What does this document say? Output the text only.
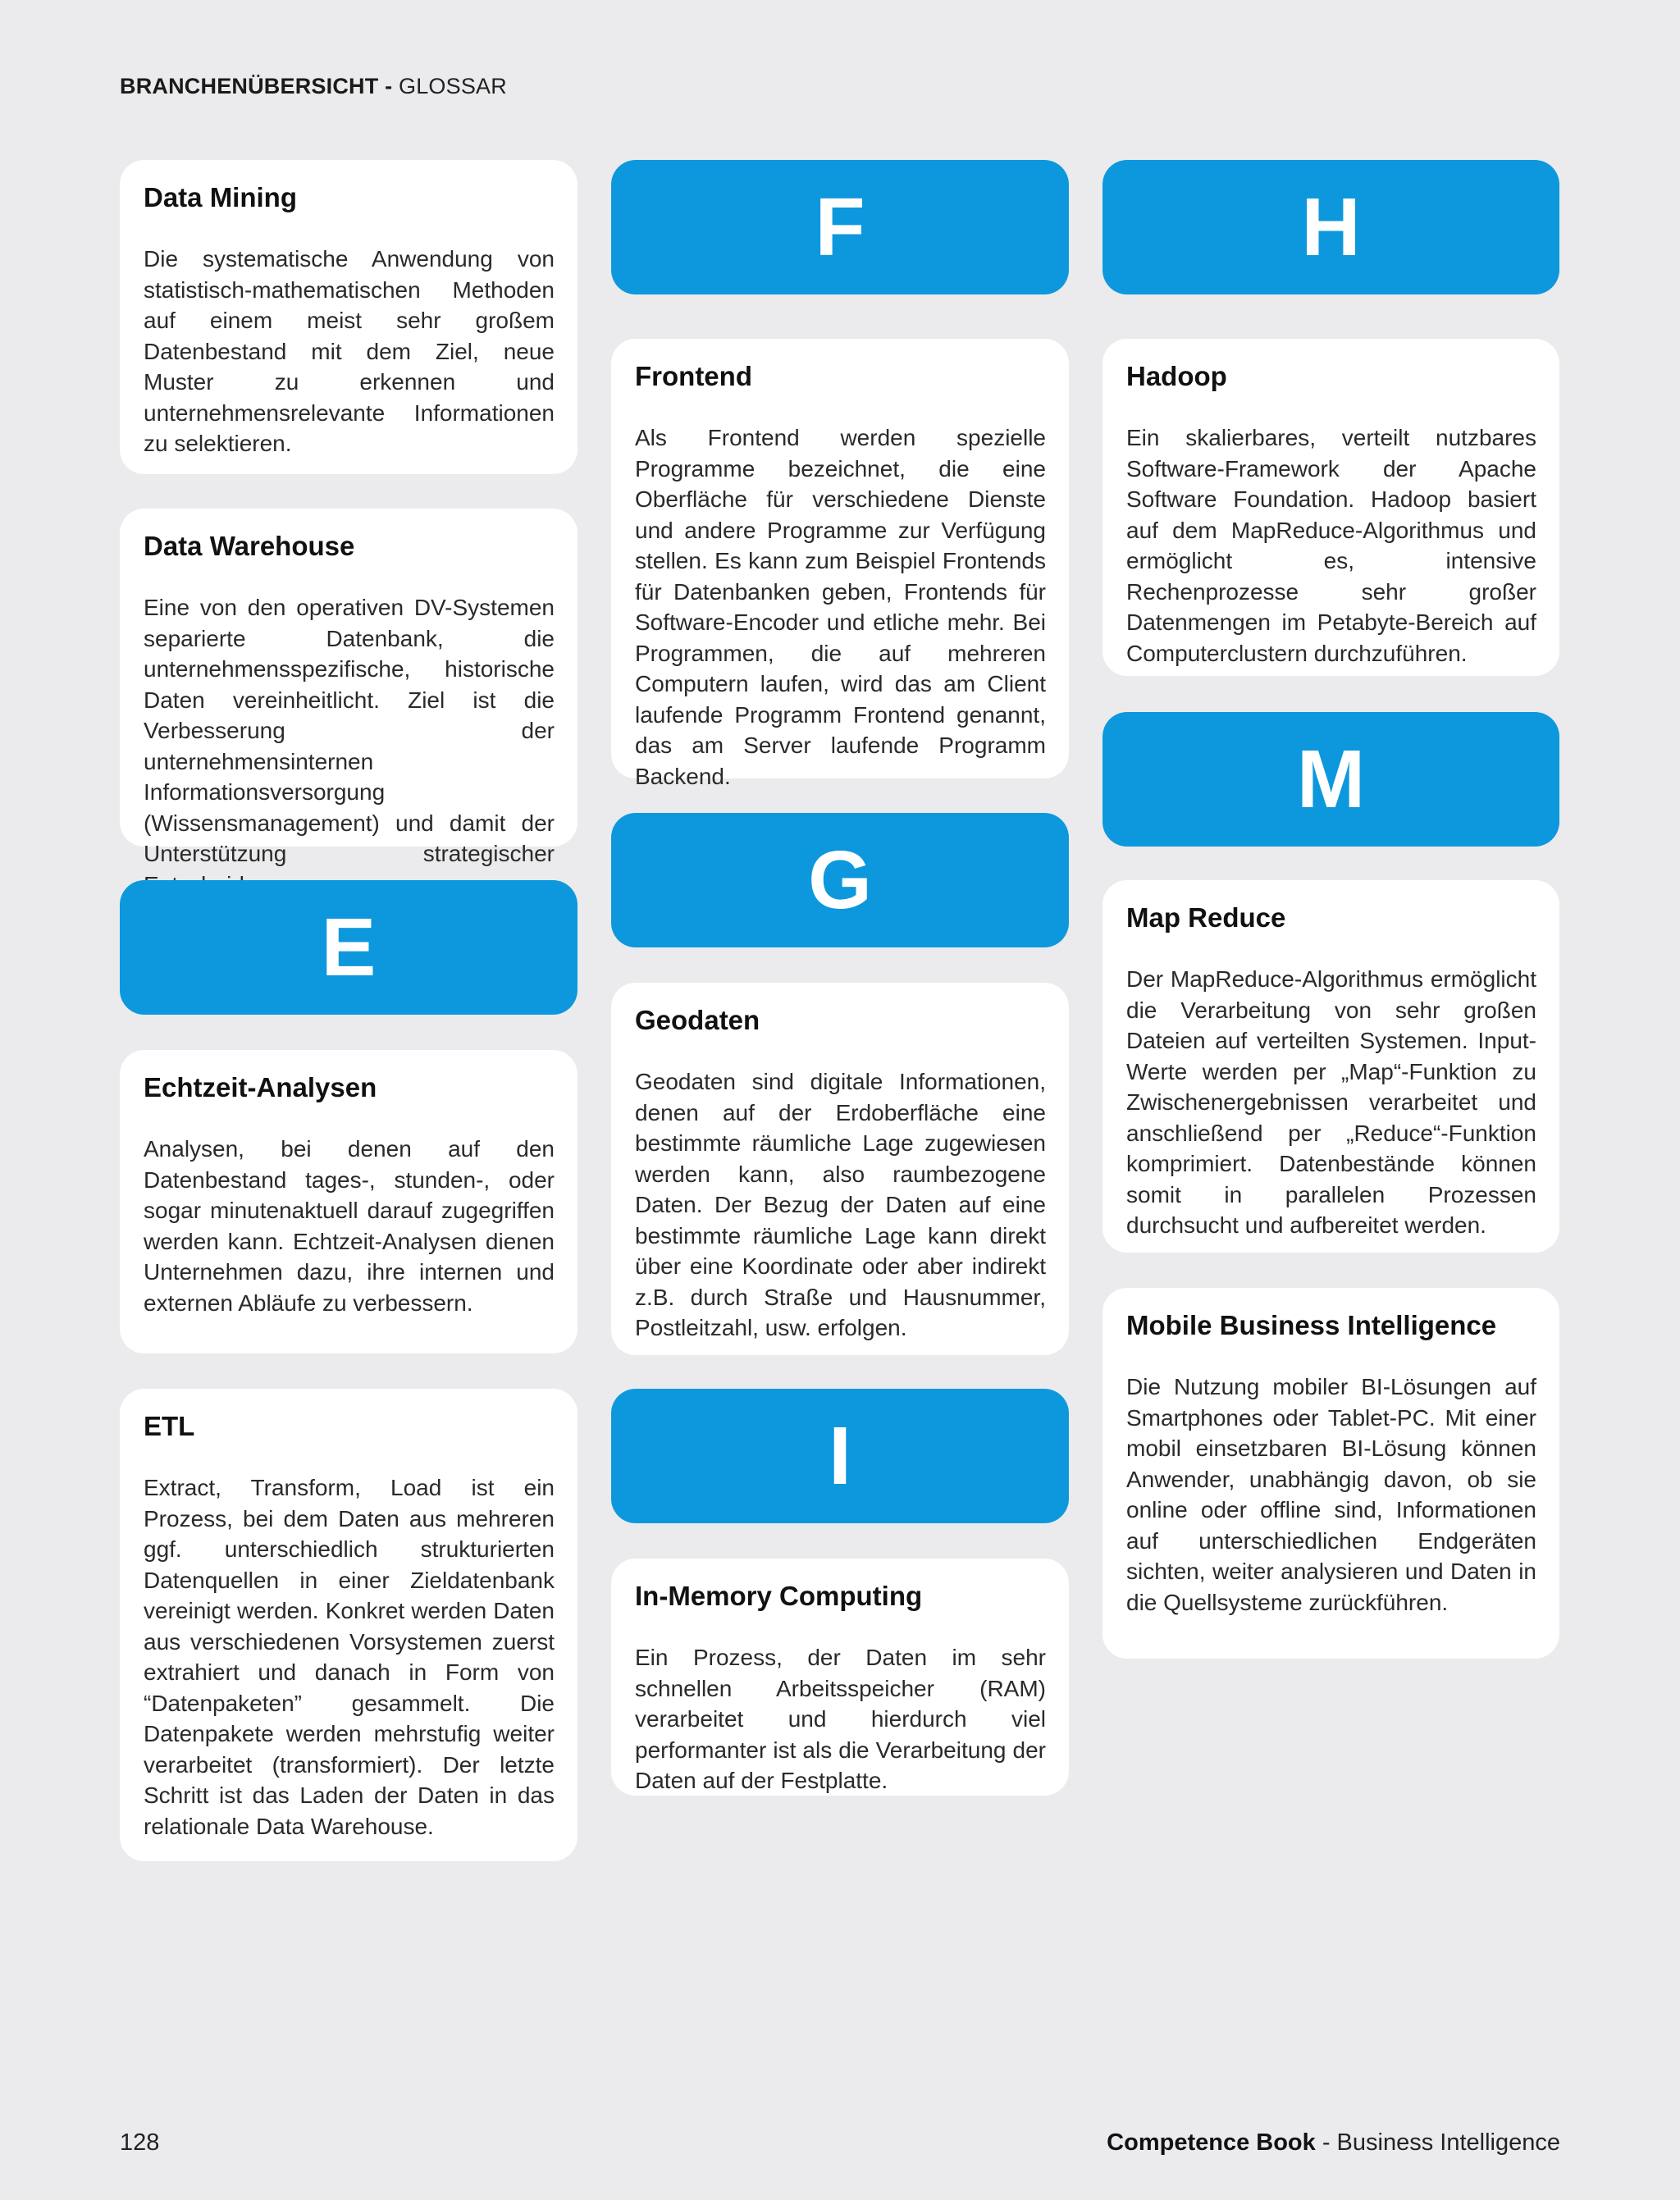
BRANCHENÜBERSICHT - GLOSSAR
Data Mining

Die systematische Anwendung von statistisch-mathematischen Methoden auf einem meist sehr großem Datenbestand mit dem Ziel, neue Muster zu erkennen und unternehmensrelevante Informationen zu selektieren.

Data Warehouse

Eine von den operativen DV-Systemen separierte Datenbank, die unternehmensspezifische, historische Daten vereinheitlicht. Ziel ist die Verbesserung der unternehmensinternen Informationsversorgung (Wissensmanagement) und damit der Unterstützung strategischer

E
Echtzeit-Analysen

Analysen, bei denen auf den Datenbestand tages-, stunden-, oder sogar minutenaktuell darauf zugegriffen werden kann. Echtzeit-Analysen dienen Unternehmen dazu, ihre internen und externen Abläufe zu verbessern.

ETL

Extract, Transform, Load ist ein Prozess, bei dem Daten aus mehreren ggf. unterschiedlich strukturierten Datenquellen in einer Zieldatenbank vereinigt werden. Konkret werden Daten aus verschiedenen Vorsystemen zuerst extrahiert und danach in Form von “Datenpaketen” gesammelt. Die Datenpakete werden mehrstufig weiter verarbeitet (transformiert). Der letzte Schritt ist das Laden der Daten in das relationale Data Warehouse.

F
Frontend

Als Frontend werden spezielle Programme bezeichnet, die eine Oberfläche für verschiedene Dienste und andere Programme zur Verfügung stellen. Es kann zum Beispiel Frontends für Datenbanken geben, Frontends für Software-Encoder und etliche mehr. Bei Programmen, die auf mehreren Computern laufen, wird das am Client laufende Programm Frontend genannt, das am Server laufende Programm Backend.

G
Geodaten

Geodaten sind digitale Informationen, denen auf der Erdoberfläche eine bestimmte räumliche Lage zugewiesen werden kann, also raumbezogene Daten. Der Bezug der Daten auf eine bestimmte räumliche Lage kann direkt über eine Koordinate oder aber indirekt z.B. durch Straße und Hausnummer, Postleitzahl, usw. erfolgen.

I
In-Memory Computing

Ein Prozess, der Daten im sehr schnellen Arbeitsspeicher (RAM) verarbeitet und hierdurch viel performanter ist als die Verarbeitung der Daten auf der Festplatte.

H
Hadoop

Ein skalierbares, verteilt nutzbares Software-Framework der Apache Software Foundation. Hadoop basiert auf dem MapReduce-Algorithmus und ermöglicht es, intensive Rechenprozesse sehr großer Datenmengen im Petabyte-Bereich auf Computerclustern durchzuführen.

M
Map Reduce

Der MapReduce-Algorithmus ermöglicht die Verarbeitung von sehr großen Dateien auf verteilten Systemen. Input-Werte werden per „Map“-Funktion zu Zwischenergebnissen verarbeitet und anschließend per „Reduce“-Funktion komprimiert. Datenbestände können somit in parallelen Prozessen durchsucht und aufbereitet werden.

Mobile Business Intelligence

Die Nutzung mobiler BI-Lösungen auf Smartphones oder Tablet-PC. Mit einer mobil einsetzbaren BI-Lösung können Anwender, unabhängig davon, ob sie online oder offline sind, Informationen auf unterschiedlichen Endgeräten sichten, weiter analysieren und Daten in die Quellsysteme zurückführen.

128	Competence Book - Business Intelligence
